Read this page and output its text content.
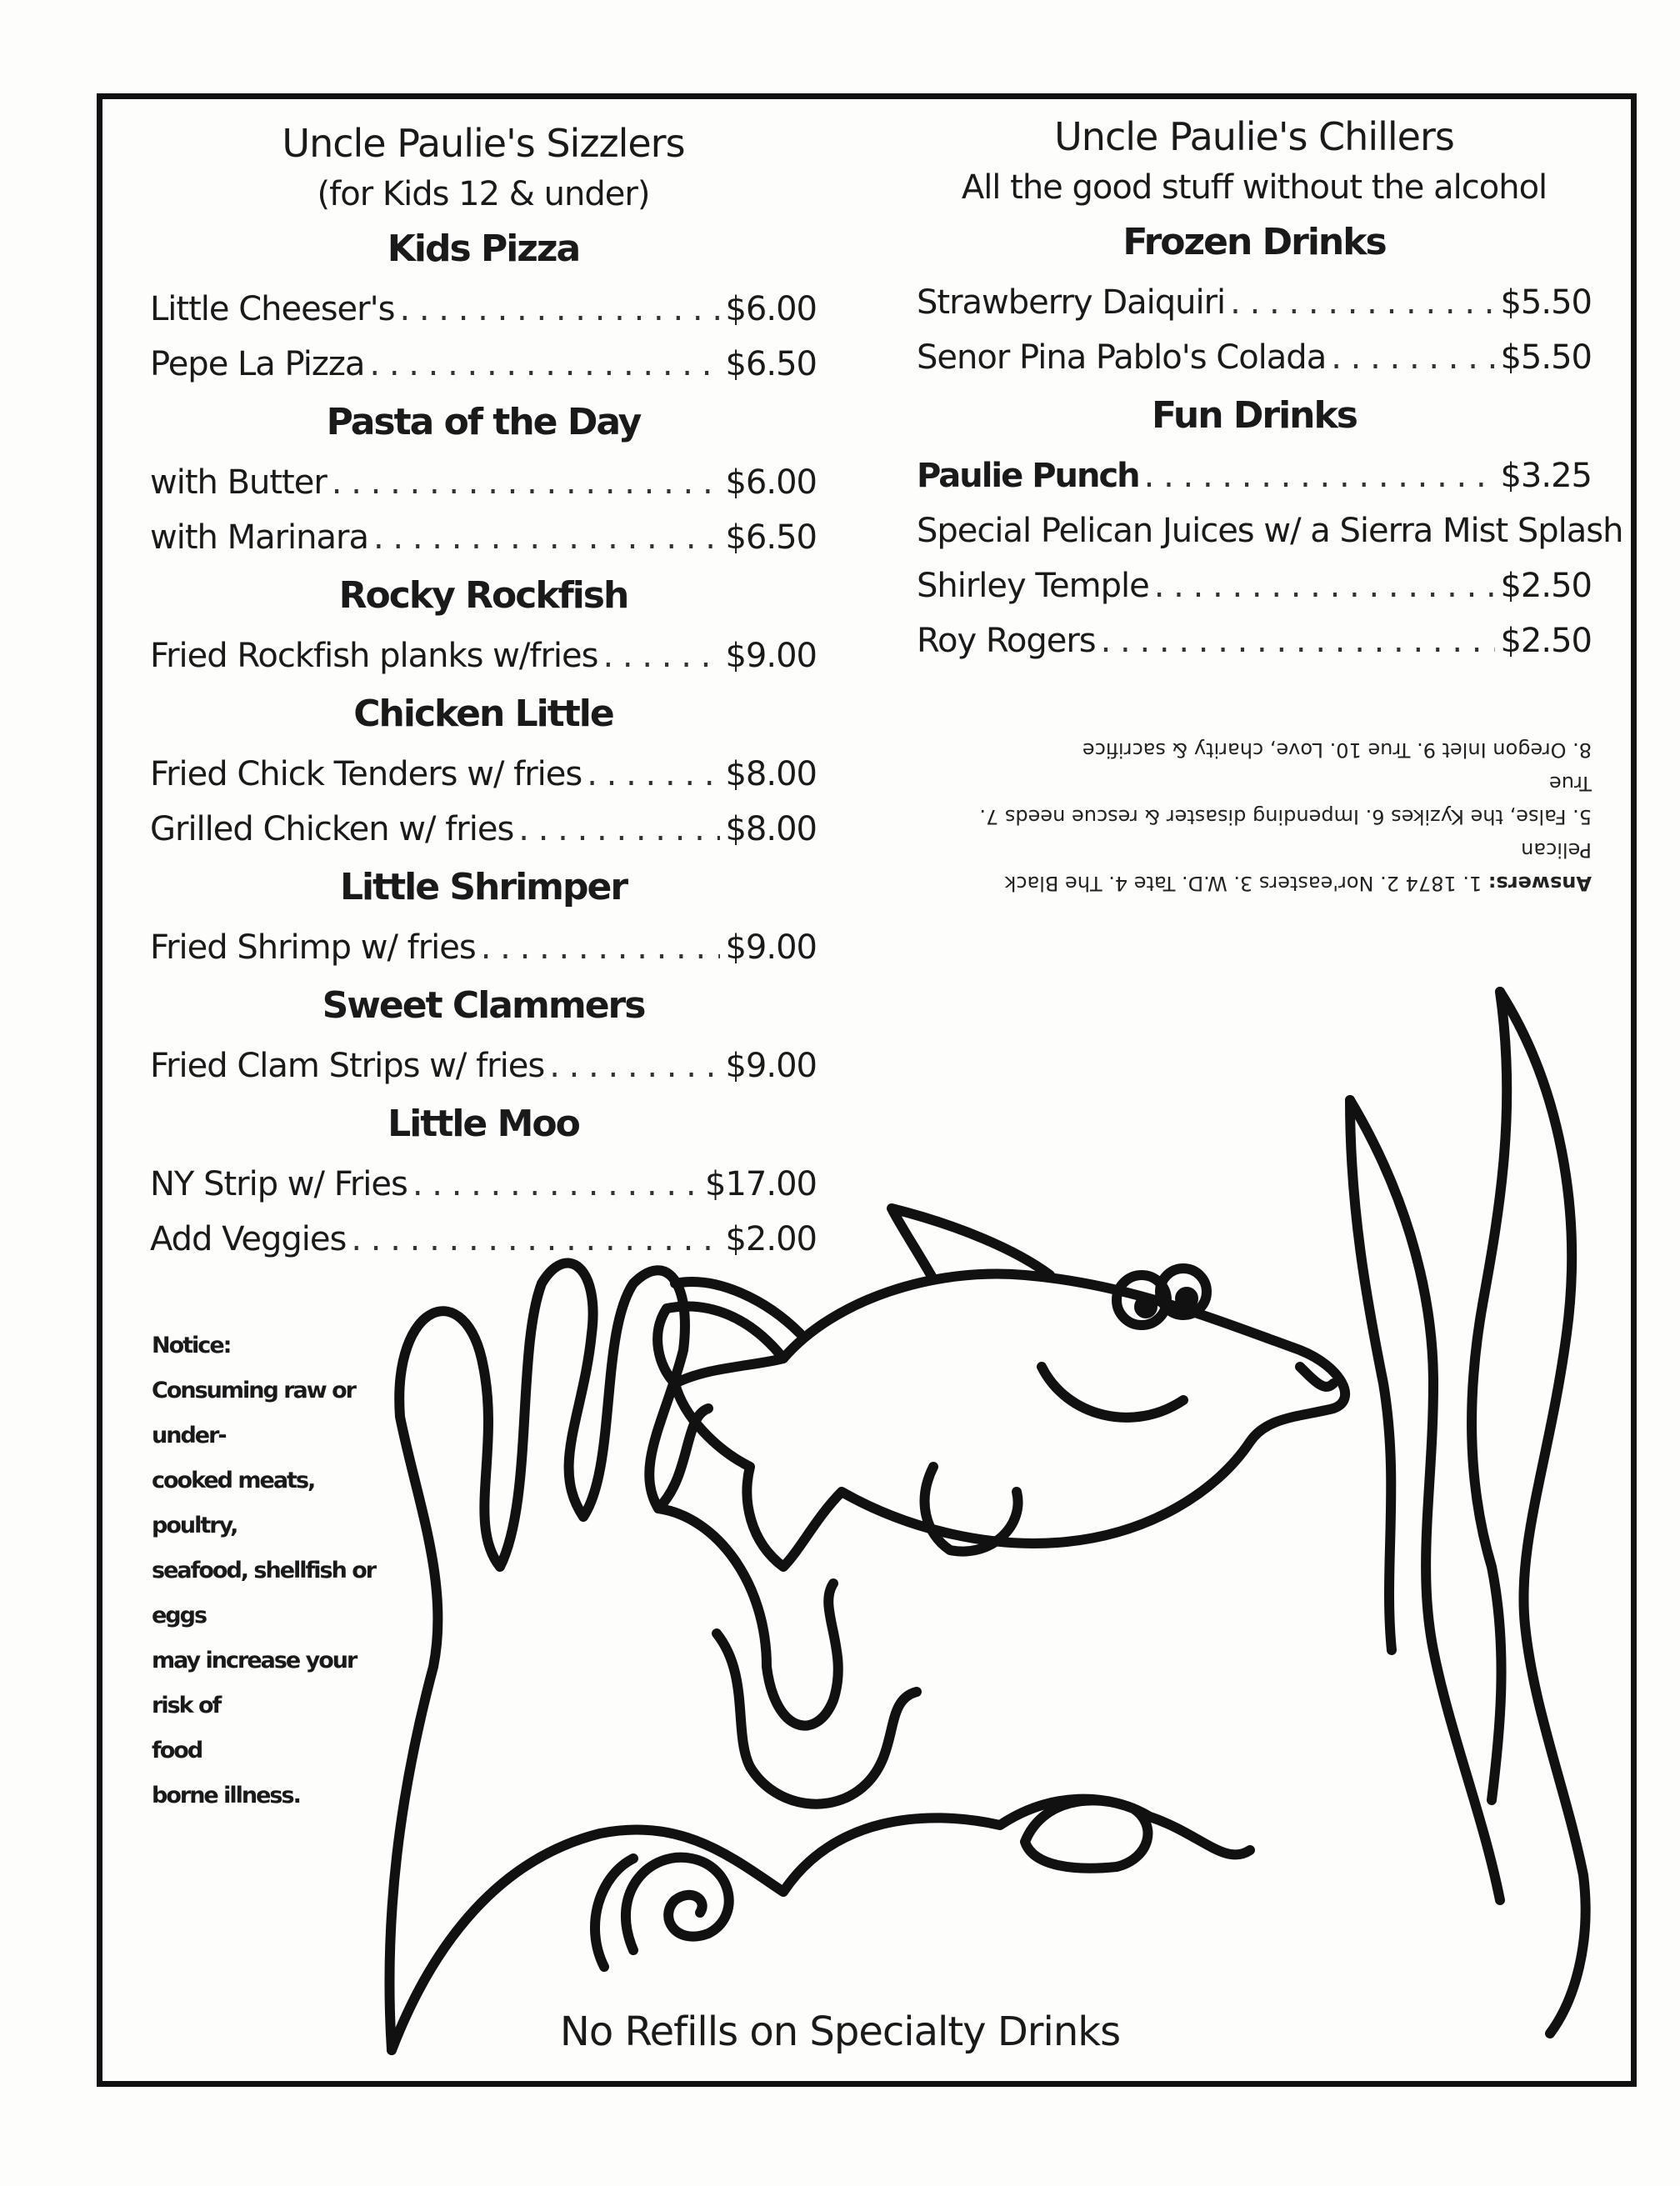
Uncle Paulie's Sizzlers

(for Kids 12 & under)

Kids Pizza
Little Cheeser's . . .	$6.00
Pepe La Pizza . . .	$6.50
Pasta of the Day
with Butter . . .	$6.00
with Marinara . . .	$6.50
Rocky Rockfish
Fried Rockfish planks w/fries . . .	$9.00
Chicken Little
Fried Chick Tenders w/ fries . . .	$8.00
Grilled Chicken w/ fries . . .	$8.00
Little Shrimper
Fried Shrimp w/ fries . . .	$9.00
Sweet Clammers
Fried Clam Strips w/ fries . . .	$9.00
Little Moo
NY Strip w/ Fries . . .	$17.00
Add Veggies . . .	$2.00

Uncle Paulie's Chillers

All the good stuff without the alcohol

Frozen Drinks
Strawberry Daiquiri . . .	$5.50
Senor Pina Pablo's Colada . . .	$5.50
Fun Drinks
Paulie Punch . . .	$3.25
Special Pelican Juices w/ a Sierra Mist Splash
Shirley Temple . . .	$2.50
Roy Rogers . . .	$2.50

Answers: 1. 1874 2. Nor'easters 3. W.D. Tate 4. The Black Pelican

5. False, the Kyzikes 6. Impending disaster & rescue needs 7. True

8. Oregon Inlet 9. True 10. Love, charity & sacrifice

Notice:

Consuming raw or under-

cooked meats, poultry,

seafood, shellfish or eggs

may increase your risk of

food

borne illness.

No Refills on Specialty Drinks
